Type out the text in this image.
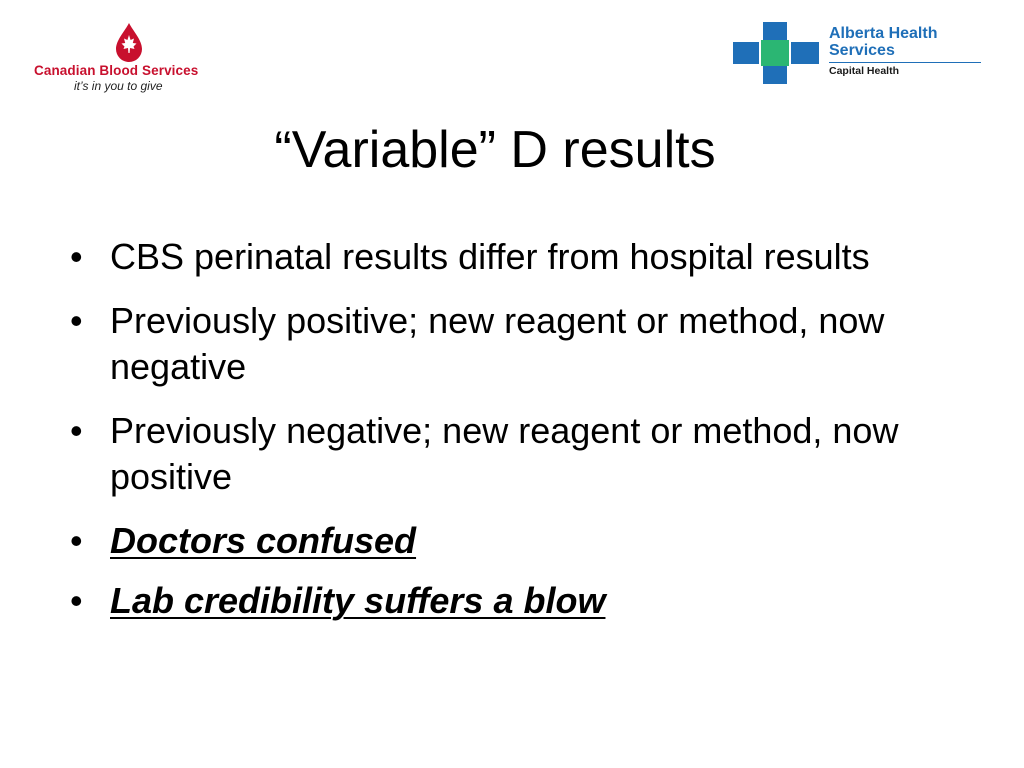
Canadian Blood Services
it’s in you to give
Alberta Health
Services
Capital Health
“Variable” D results
• CBS perinatal results differ from hospital results
• Previously positive; new reagent or method, now negative
• Previously negative; new reagent or method, now positive
• Doctors confused
• Lab credibility suffers a blow
